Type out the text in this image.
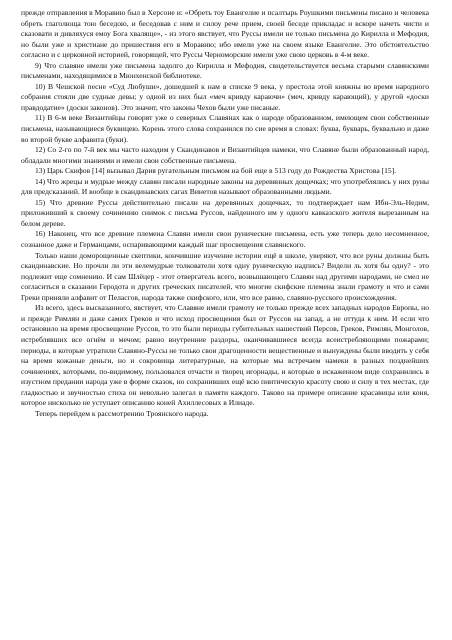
прежде отправления в Моравию был в Херсоне и: «Обреть тоу Евангелие и псалтырь Роушкими письмены писано и человека обреть глаголюща тою беседою, и беседовав с ним и силоу рече прием, своей беседе прикладас и вскоре начеть чисти и сказовати и дивляхуся емоу Бога хваляще», - из этого явствует, что Руссы имели не только письмена до Кирилла и Мефодия, но были уже и христиане до пришествия его в Моравию; ибо имели уже на своем языке Евангелие. Это обстоятельство согласно и с церковной историей, говорящей, что Руссы Черноморские имели уже свою церковь в 4-м веке.

9) Что славяне имели уже письмена задолго до Кирилла и Мефодия, свидетельствуется весьма старыми славянскими письменами, находящимися в Мюнхенской библиотеке.

10) В Чешской песне «Суд Любуши», дошедшей к нам в списке 9 века, у престола этой княжны во время народного собрания стояли две судные девы; у одной из них был «меч кривду караючи» (меч, кривду карающий), у другой «доски правдодатие» (доски законов). Это значит, что законы Чехов были уже писаные.

11) В 6-м веке Византийцы говорят уже о северных Славянах как о народе образованном, имеющем свои собственные письмена, называющиеся буквицею. Корень этого слова сохранился по сие время в словах: буква, букварь, буквально и даже во второй букве алфавита (буки).

12) Со 2-го по 7-й век мы часто находим у Скандинавов и Византийцев намеки, что Славяне были образованный народ, обладали многими знаниями и имели свои собственные письмена.

13) Царь Скифов [14] вызывал Дария ругательным письмом на бой еще в 513 году до Рождества Христова [15].

14) Что жрецы и мудрые между славян писали народные законы на деревянных дощечках; что употреблялись у них руны для предсказаний. И вообще в скандинавских сагах Винетов называют образованными людьми.

15) Что древние Руссы действительно писали на деревянных дощечках, то подтверждает нам Ибн-Эль-Недим, приложивший к своему сочинению снимок с письма Руссов, найденного им у одного кавказского жителя вырезанным на белом дереве.

16) Наконец, что все древние племена Славян имели свои рунические письмена, есть уже теперь дело несомненное, сознанное даже и Германцами, оспаривающими каждый шаг просвещения славянского.

Только наши доморощенные скептики, кончившие изучение истории ещё в школе, уверяют, что все руны должны быть скандинавские. Но прочли ли эти велемудрые толкователи хотя одну руническую надпись? Видели ль хотя бы одну? - это подлежит еще сомнению. И сам Шлёцер - этот отвергатель всего, возвышающего Славян над другими народами, не смел не согласиться в сказании Геродота и других греческих писателей, что многие скифские племена знали грамоту и что и сами Греки приняли алфавит от Пеласгов, народа также скифского, или, что все равно, славяно-русского происхождения.

Из всего, здесь высказанного, явствует, что Славяне имели грамоту не только прежде всех западных народов Европы, но и прежде Римлян и даже самих Греков и что исход просвещения был от Руссов на запад, а не оттуда к ним. И если что остановило на время просвещение Руссов, то это были периоды губительных нашествий Персов, Греков, Римлян, Монголов, истреблявших все огнём и мечом; равно внутренние раздоры, оканчивавшиеся всегда всеистребляющими пожарами; периоды, в которые утратили Славяно-Руссы не только свои драгоценности вещественные и вынуждены были вводить у себя на время кожаные деньги, но и сокровища литературные, на которые мы встречаем намеки в разных позднейших сочинениях, которыми, по-видимому, пользовался отчасти и творец игорнады, и которые в искаженном виде сохранились в изустном предании народа уже в форме сказок, но сохранивших ещё всю пиитическую красоту свою и силу в тех местах, где гладкостью и звучностью стиха он невольно залегал в памяти каждого. Таково на примере описание красавицы или коня, которое нисколько не уступает описанию коней Ахиллесовых в Илиаде.

Теперь перейдем к рассмотрению Троянского народа.
